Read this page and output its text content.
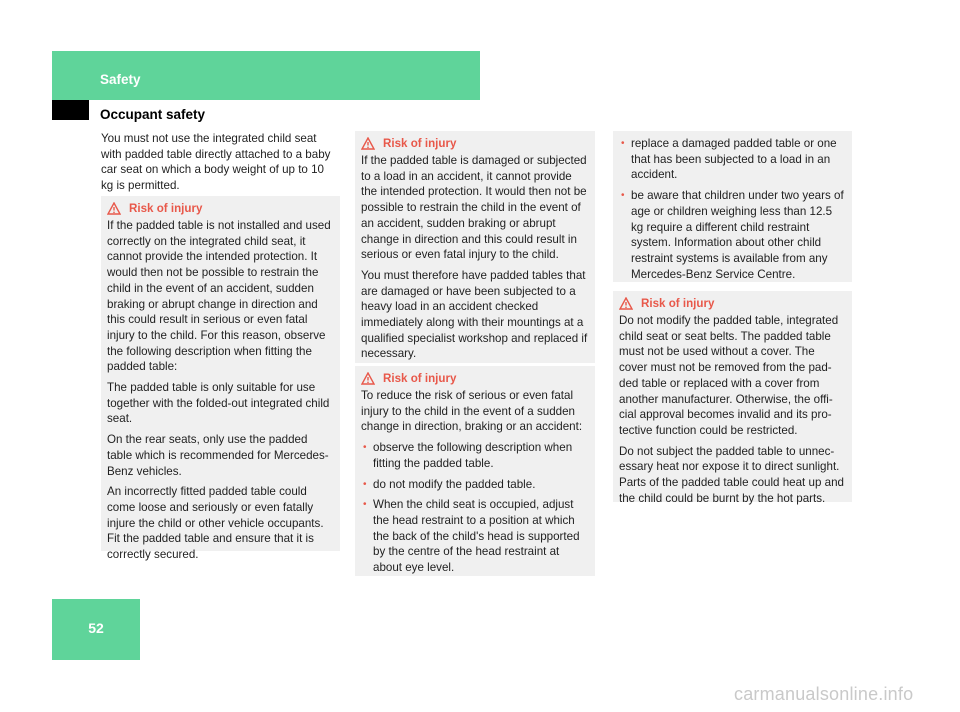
Safety
Occupant safety

You must not use the integrated child seat with padded table directly attached to a baby car seat on which a body weight of up to 10 kg is permitted.

Risk of injury

If the padded table is not installed and used correctly on the integrated child seat, it cannot provide the intended protection. It would then not be possible to restrain the child in the event of an accident, sudden braking or abrupt change in direction and this could result in serious or even fatal injury to the child. For this reason, observe the following description when fitting the padded table:

The padded table is only suitable for use together with the folded-out integrated child seat.

On the rear seats, only use the padded table which is recommended for Mercedes-Benz vehicles.

An incorrectly fitted padded table could come loose and seriously or even fatally injure the child or other vehicle occupants. Fit the padded table and ensure that it is correctly secured.

Risk of injury

If the padded table is damaged or subjected to a load in an accident, it cannot provide the intended protection. It would then not be possible to restrain the child in the event of an accident, sudden braking or abrupt change in direction and this could result in serious or even fatal injury to the child.

You must therefore have padded tables that are damaged or have been subjected to a heavy load in an accident checked immediately along with their mountings at a qualified specialist workshop and replaced if necessary.

Risk of injury

To reduce the risk of serious or even fatal injury to the child in the event of a sudden change in direction, braking or an accident:

• observe the following description when fitting the padded table.
• do not modify the padded table.
• When the child seat is occupied, adjust the head restraint to a position at which the back of the child's head is supported by the centre of the head restraint at about eye level.
• replace a damaged padded table or one that has been subjected to a load in an accident.
• be aware that children under two years of age or children weighing less than 12.5 kg require a different child restraint system. Information about other child restraint systems is available from any Mercedes-Benz Service Centre.
Risk of injury

Do not modify the padded table, integrated child seat or seat belts. The padded table must not be used without a cover. The cover must not be removed from the pad-ded table or replaced with a cover from another manufacturer. Otherwise, the offi-cial approval becomes invalid and its pro-tective function could be restricted.

Do not subject the padded table to unnec-essary heat nor expose it to direct sunlight. Parts of the padded table could heat up and the child could be burnt by the hot parts.

52
carmanualsonline.info
